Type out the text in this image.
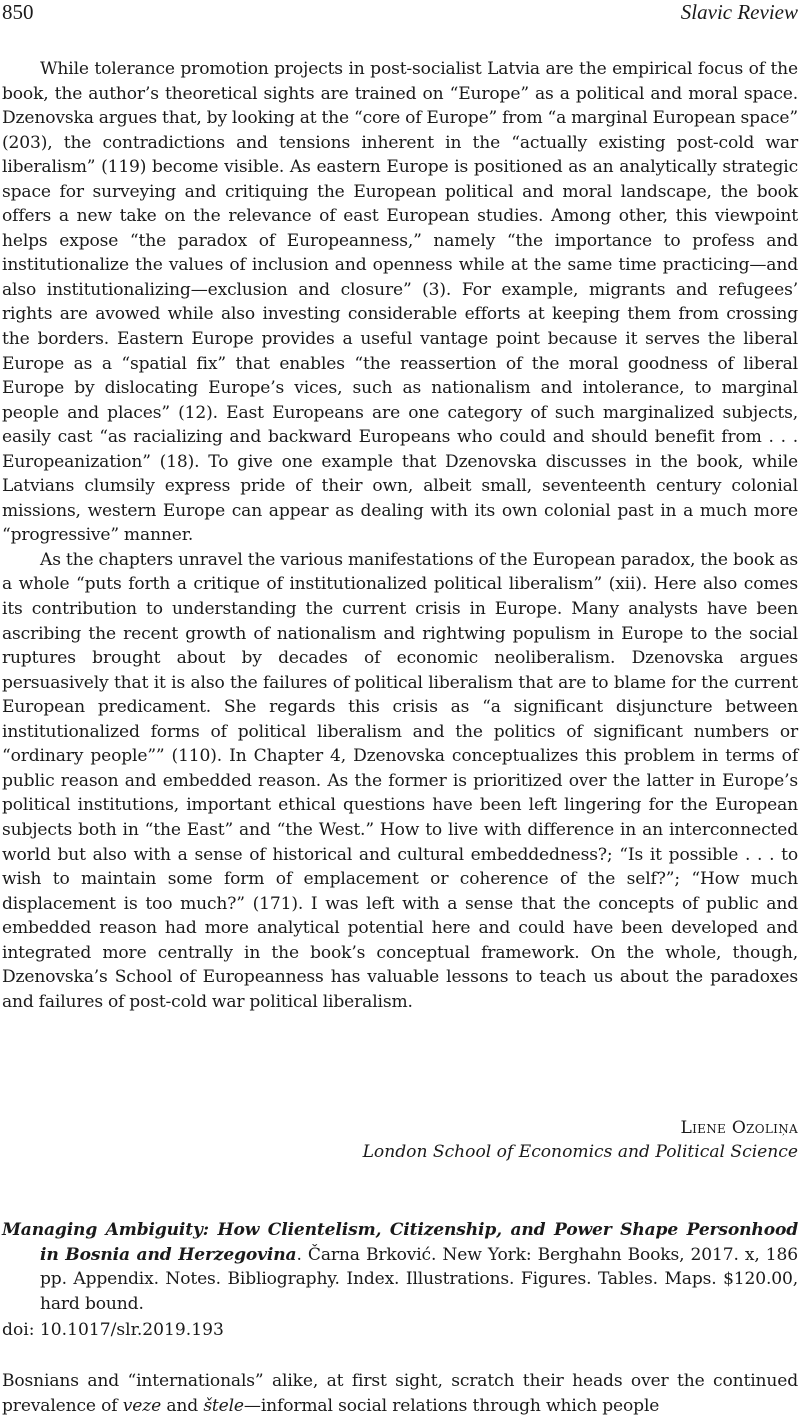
850	Slavic Review

While tolerance promotion projects in post-socialist Latvia are the empirical focus of the book, the author’s theoretical sights are trained on “Europe” as a political and moral space. Dzenovska argues that, by looking at the “core of Europe” from “a marginal European space” (203), the contradictions and tensions inherent in the “actually existing post-cold war liberalism” (119) become visible. As eastern Europe is positioned as an analytically strategic space for surveying and critiquing the European political and moral landscape, the book offers a new take on the relevance of east European studies. Among other, this viewpoint helps expose “the paradox of Europeanness,” namely “the importance to profess and institutionalize the values of inclusion and openness while at the same time practicing—and also institutionalizing—exclusion and closure” (3). For example, migrants and refugees’ rights are avowed while also investing considerable efforts at keeping them from crossing the borders. Eastern Europe provides a useful vantage point because it serves the liberal Europe as a “spatial fix” that enables “the reassertion of the moral goodness of liberal Europe by dislocating Europe’s vices, such as nationalism and intolerance, to marginal people and places” (12). East Europeans are one category of such marginalized subjects, easily cast “as racializing and backward Europeans who could and should benefit from . . . Europeanization” (18). To give one example that Dzenovska discusses in the book, while Latvians clumsily express pride of their own, albeit small, seventeenth century colonial missions, western Europe can appear as dealing with its own colonial past in a much more “progressive” manner.

As the chapters unravel the various manifestations of the European paradox, the book as a whole “puts forth a critique of institutionalized political liberalism” (xii). Here also comes its contribution to understanding the current crisis in Europe. Many analysts have been ascribing the recent growth of nationalism and rightwing populism in Europe to the social ruptures brought about by decades of economic neoliberalism. Dzenovska argues persuasively that it is also the failures of political liberalism that are to blame for the current European predicament. She regards this crisis as “a significant disjuncture between institutionalized forms of political liberalism and the politics of significant numbers or “ordinary people”” (110). In Chapter 4, Dzenovska conceptualizes this problem in terms of public reason and embedded reason. As the former is prioritized over the latter in Europe’s political institutions, important ethical questions have been left lingering for the European subjects both in “the East” and “the West.” How to live with difference in an interconnected world but also with a sense of historical and cultural embeddedness?; “Is it possible . . . to wish to maintain some form of emplacement or coherence of the self?”; “How much displacement is too much?” (171). I was left with a sense that the concepts of public and embedded reason had more analytical potential here and could have been developed and integrated more centrally in the book’s conceptual framework. On the whole, though, Dzenovska’s School of Europeanness has valuable lessons to teach us about the paradoxes and failures of post-cold war political liberalism.

Liene Ozoliņa
London School of Economics and Political Science
Managing Ambiguity: How Clientelism, Citizenship, and Power Shape Personhood in Bosnia and Herzegovina. Čarna Brković. New York: Berghahn Books, 2017. x, 186 pp. Appendix. Notes. Bibliography. Index. Illustrations. Figures. Tables. Maps. $120.00, hard bound.
doi: 10.1017/slr.2019.193
Bosnians and “internationals” alike, at first sight, scratch their heads over the continued prevalence of veze and štele—informal social relations through which people
